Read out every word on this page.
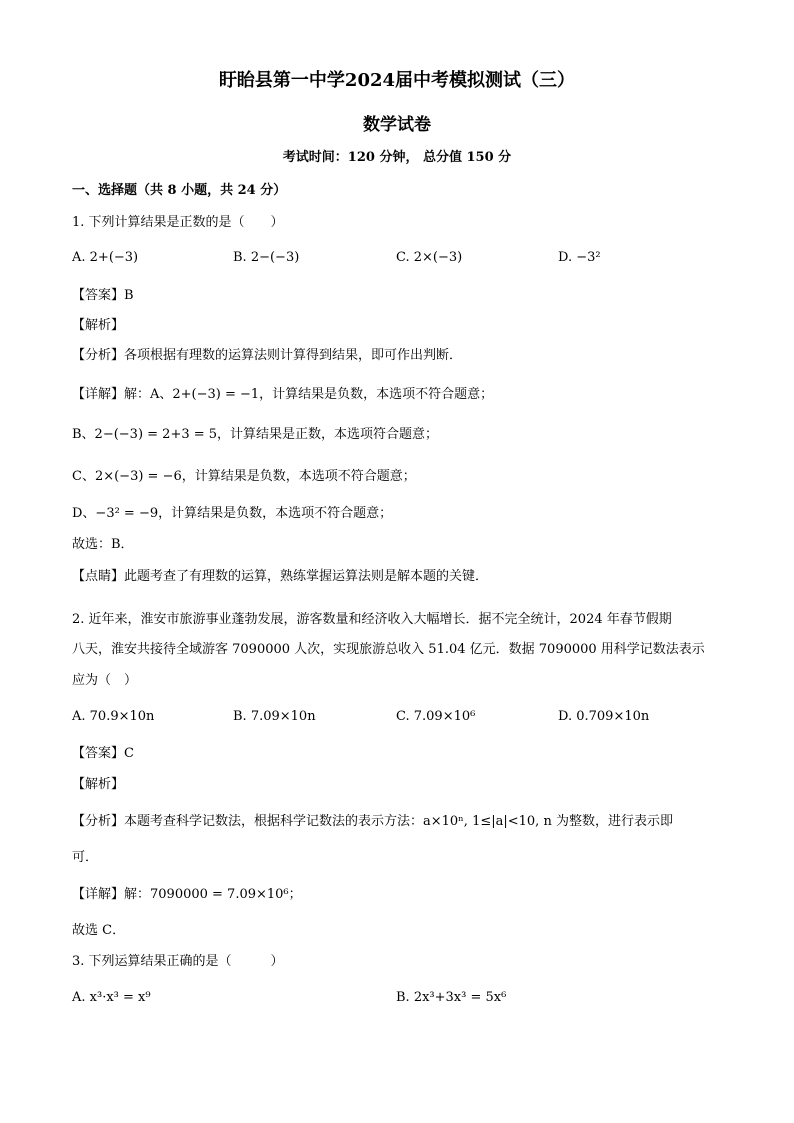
盱眙县第一中学2024届中考模拟测试（三）
数学试卷
考试时间：120 分钟， 总分值 150 分
一、选择题（共 8 小题，共 24 分）
1. 下列计算结果是正数的是（　　）
A. 2+(−3)	B. 2−(−3)	C. 2×(−3)	D. −3²
【答案】B
【解析】
【分析】各项根据有理数的运算法则计算得到结果，即可作出判断．
【详解】解：A、2+(−3) = −1，计算结果是负数，本选项不符合题意；
B、2−(−3) = 2+3 = 5，计算结果是正数，本选项符合题意；
C、2×(−3) = −6，计算结果是负数，本选项不符合题意；
D、−3² = −9，计算结果是负数，本选项不符合题意；
故选：B．
【点睛】此题考查了有理数的运算，熟练掌握运算法则是解本题的关键．
2. 近年来，淮安市旅游事业蓬勃发展，游客数量和经济收入大幅增长．据不完全统计，2024 年春节假期
八天，淮安共接待全域游客 7090000 人次，实现旅游总收入 51.04 亿元．数据 7090000 用科学记数法表示
应为（　）
A. 70.9×10n	B. 7.09×10n	C. 7.09×10⁶	D. 0.709×10n
【答案】C
【解析】
【分析】本题考查科学记数法，根据科学记数法的表示方法：a×10ⁿ, 1≤|a|<10, n 为整数，进行表示即
可．
【详解】解：7090000 = 7.09×10⁶；
故选 C．
3. 下列运算结果正确的是（　　　）
A. x³·x³ = x⁹	B. 2x³+3x³ = 5x⁶
